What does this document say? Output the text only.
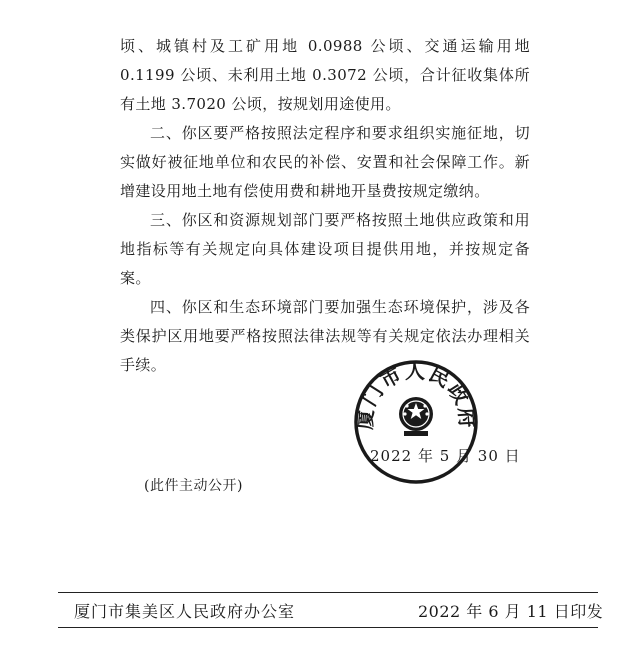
顷、城镇村及工矿用地 0.0988 公顷、交通运输用地 0.1199 公顷、未利用土地 0.3072 公顷，合计征收集体所有土地 3.7020 公顷，按规划用途使用。

二、你区要严格按照法定程序和要求组织实施征地，切实做好被征地单位和农民的补偿、安置和社会保障工作。新增建设用地土地有偿使用费和耕地开垦费按规定缴纳。

三、你区和资源规划部门要严格按照土地供应政策和用地指标等有关规定向具体建设项目提供用地，并按规定备案。

四、你区和生态环境部门要加强生态环境保护，涉及各类保护区用地要严格按照法律法规等有关规定依法办理相关手续。

厦门市人民政府
2022 年 5 月 30 日
(此件主动公开)
厦门市集美区人民政府办公室	2022 年 6 月 11 日印发
